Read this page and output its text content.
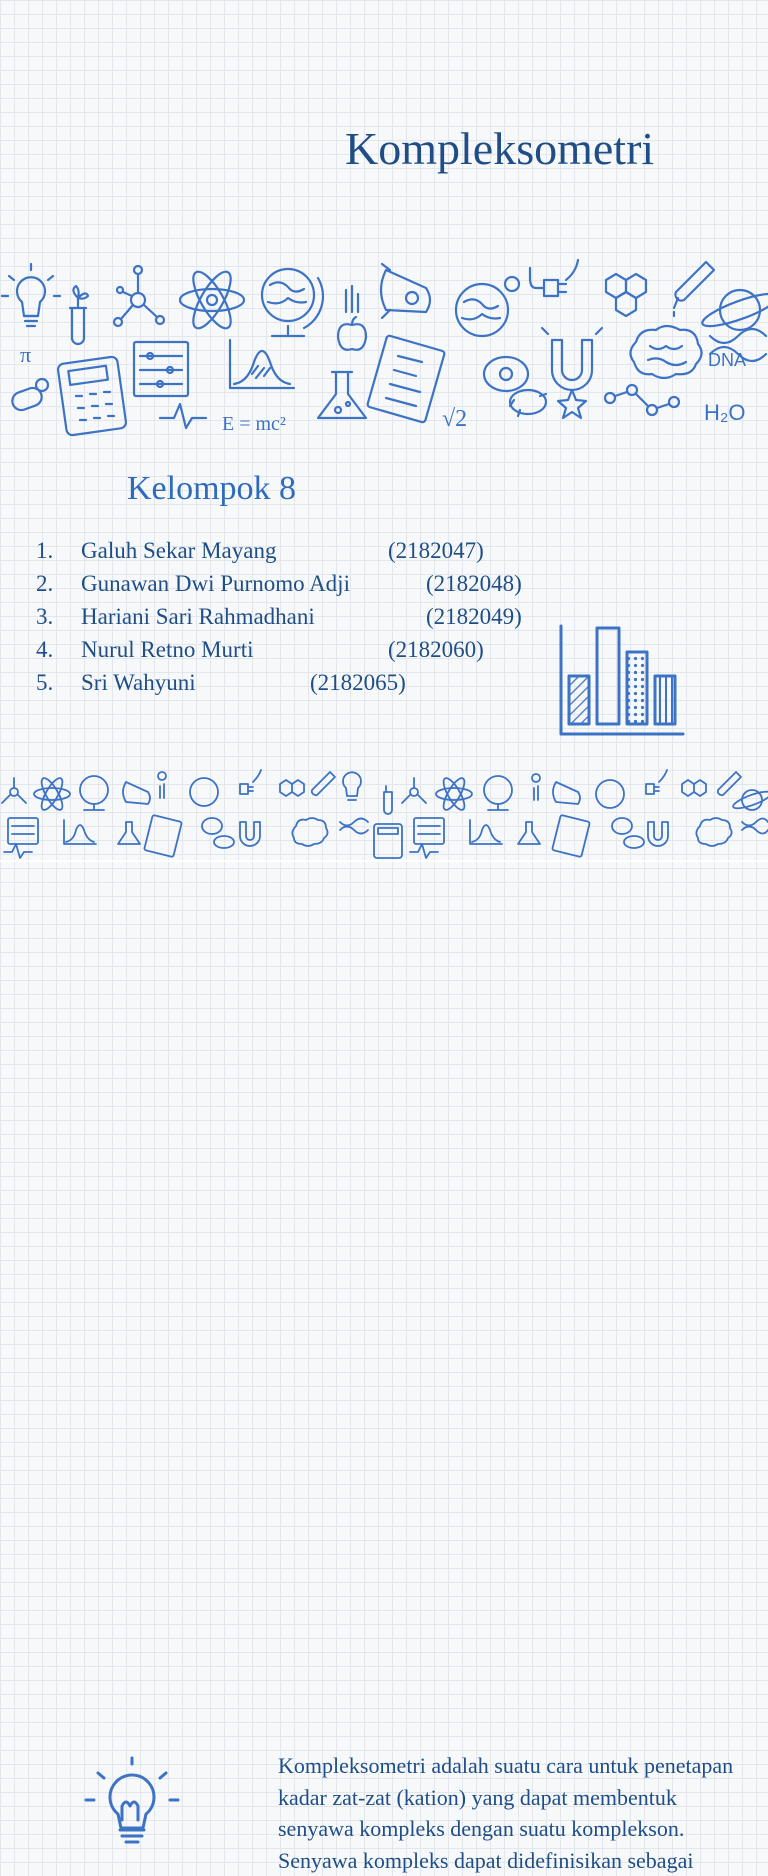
Kompleksometri
π
E = mc²	√2
DNA
H₂O
Kelompok 8
1. Galuh Sekar Mayang	(2182047)
2. Gunawan Dwi Purnomo Adji	(2182048)
3. Hariani Sari Rahmadhani	(2182049)
4. Nurul Retno Murti	(2182060)
5. Sri Wahyuni	(2182065)

Kompleksometri adalah suatu cara untuk penetapan kadar zat-zat (kation) yang dapat membentuk senyawa kompleks dengan suatu komplekson. Senyawa kompleks dapat didefinisikan sebagai
